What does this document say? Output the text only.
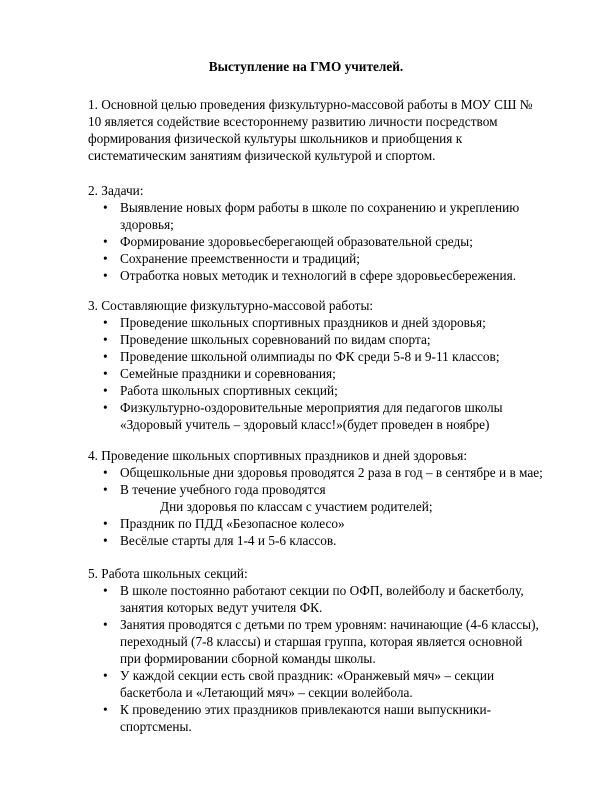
Выступление на ГМО учителей.

1. Основной целью проведения физкультурно-массовой работы в МОУ СШ №

10 является содействие всестороннему развитию личности посредством

формирования физической культуры школьников и приобщения к

систематическим занятиям физической культурой и спортом.

2. Задачи:

• Выявление новых форм работы в школе по сохранению и укреплению
здоровья;
• Формирование здоровьесберегающей образовательной среды;
• Сохранение преемственности и традиций;
• Отработка новых методик и технологий в сфере здоровьесбережения.

3. Составляющие физкультурно-массовой работы:

• Проведение школьных спортивных праздников и дней здоровья;
• Проведение школьных соревнований по видам спорта;
• Проведение школьной олимпиады по ФК среди 5-8 и 9-11 классов;
• Семейные праздники и соревнования;
• Работа школьных спортивных секций;
• Физкультурно-оздоровительные мероприятия для педагогов школы
«Здоровый учитель – здоровый класс!»(будет проведен в ноябре)

4. Проведение школьных спортивных праздников и дней здоровья:

• Общешкольные дни здоровья проводятся 2 раза в год – в сентябре и в мае;
• В течение учебного года проводятся
Дни здоровья по классам с участием родителей;
• Праздник по ПДД «Безопасное колесо»
• Весёлые старты для 1-4 и 5-6 классов.

5. Работа школьных секций:

• В школе постоянно работают секции по ОФП, волейболу и баскетболу,
занятия которых ведут учителя ФК.
• Занятия проводятся с детьми по трем уровням: начинающие (4-6 классы),
переходный (7-8 классы) и старшая группа, которая является основной
при формировании сборной команды школы.
• У каждой секции есть свой праздник: «Оранжевый мяч» – секции
баскетбола и «Летающий мяч» – секции волейбола.
• К проведению этих праздников привлекаются наши выпускники-
спортсмены.
